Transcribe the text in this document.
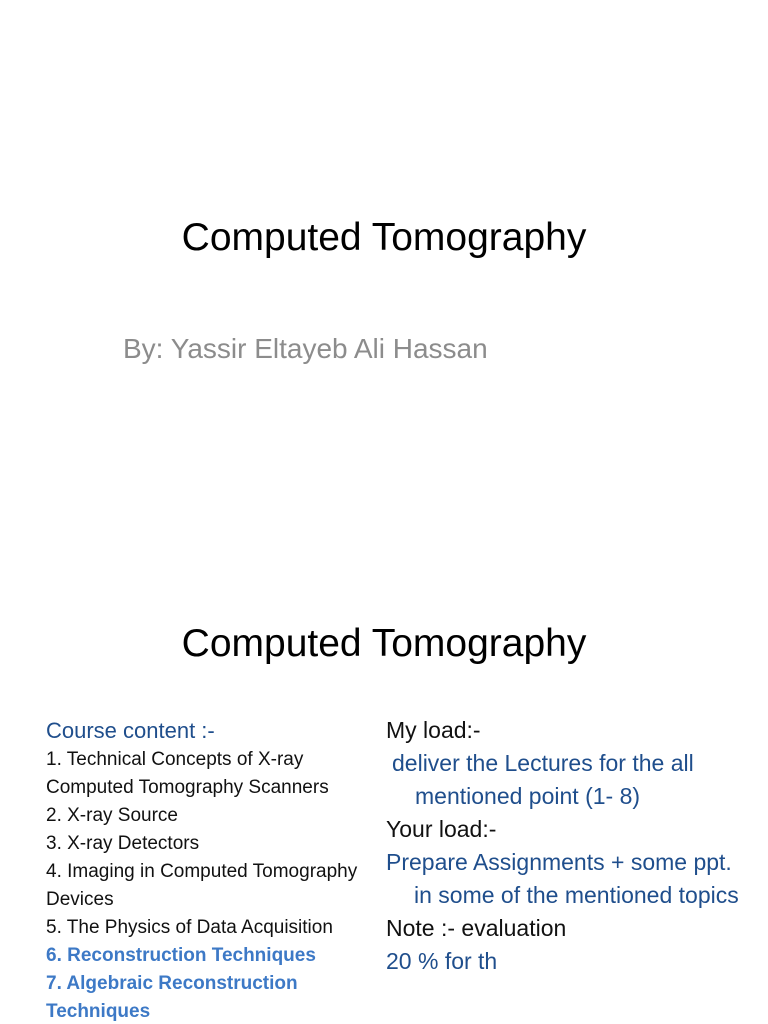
Computed Tomography
By: Yassir Eltayeb Ali Hassan
Computed Tomography
Course content :-
1. Technical Concepts of X-ray Computed Tomography Scanners
2. X-ray Source
3. X-ray Detectors
4. Imaging in Computed Tomography Devices
5. The Physics of Data Acquisition
6. Reconstruction Techniques
7. Algebraic Reconstruction Techniques

My load:-

deliver the Lectures for the all mentioned point (1- 8)

Your load:-

Prepare Assignments + some ppt. in some of the mentioned topics

Note :- evaluation

20 % for th
